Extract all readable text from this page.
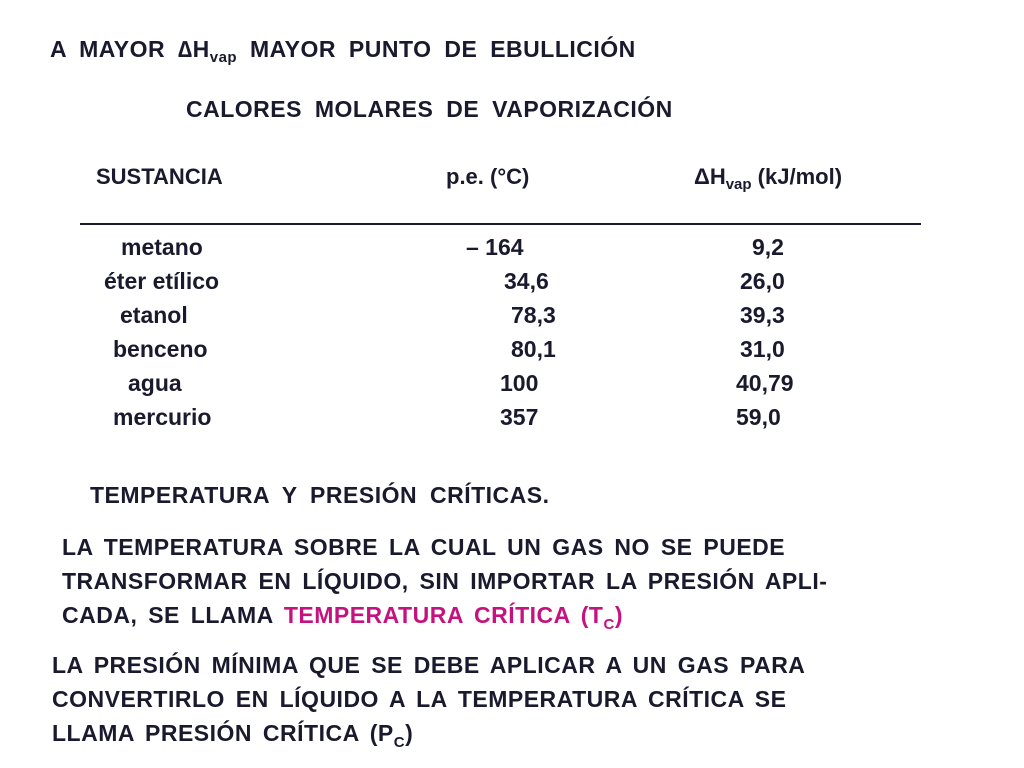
A MAYOR $\Delta H_{vap}$ MAYOR PUNTO DE EBULLICIÓN
CALORES MOLARES DE VAPORIZACIÓN
SUSTANCIA	p.e. (°C)	$\Delta H_{vap}$ (kJ/mol)
metano	– 164	9,2
éter etílico	34,6	26,0
etanol	78,3	39,3
benceno	80,1	31,0
agua	100	40,79
mercurio	357	59,0
TEMPERATURA Y PRESIÓN CRÍTICAS.
LA TEMPERATURA SOBRE LA CUAL UN GAS NO SE PUEDE
TRANSFORMAR EN LÍQUIDO, SIN IMPORTAR LA PRESIÓN APLI-
CADA, SE LLAMA TEMPERATURA CRÍTICA $(T_C)$
LA PRESIÓN MÍNIMA QUE SE DEBE APLICAR A UN GAS PARA
CONVERTIRLO EN LÍQUIDO A LA TEMPERATURA CRÍTICA SE
LLAMA PRESIÓN CRÍTICA $(P_C)$
